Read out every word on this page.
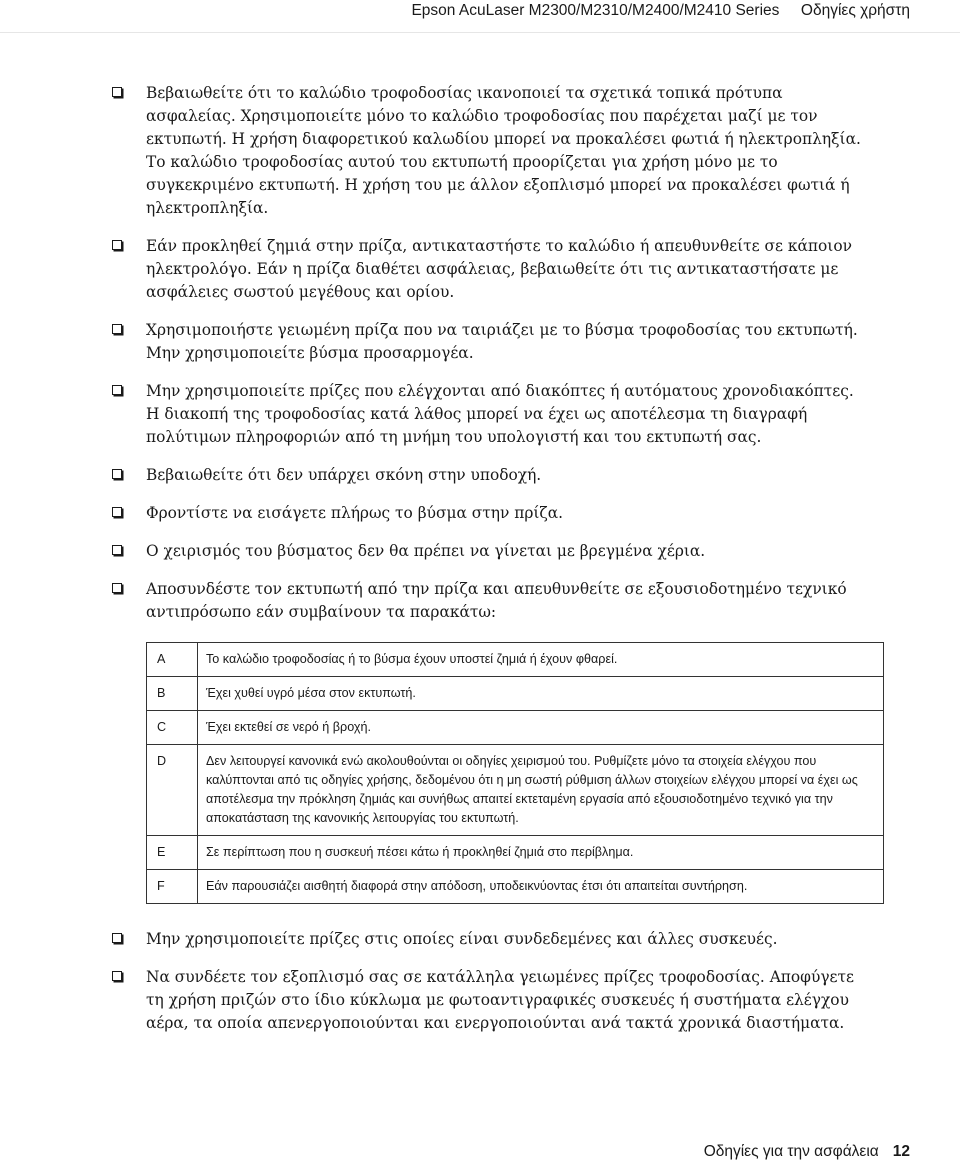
Epson AcuLaser M2300/M2310/M2400/M2410 Series     Οδηγίες χρήστη

Βεβαιωθείτε ότι το καλώδιο τροφοδοσίας ικανοποιεί τα σχετικά τοπικά πρότυπα ασφαλείας. Χρησιμοποιείτε μόνο το καλώδιο τροφοδοσίας που παρέχεται μαζί με τον εκτυπωτή. Η χρήση διαφορετικού καλωδίου μπορεί να προκαλέσει φωτιά ή ηλεκτροπληξία. Το καλώδιο τροφοδοσίας αυτού του εκτυπωτή προορίζεται για χρήση μόνο με το συγκεκριμένο εκτυπωτή. Η χρήση του με άλλον εξοπλισμό μπορεί να προκαλέσει φωτιά ή ηλεκτροπληξία.

Εάν προκληθεί ζημιά στην πρίζα, αντικαταστήστε το καλώδιο ή απευθυνθείτε σε κάποιον ηλεκτρολόγο. Εάν η πρίζα διαθέτει ασφάλειας, βεβαιωθείτε ότι τις αντικαταστήσατε με ασφάλειες σωστού μεγέθους και ορίου.

Χρησιμοποιήστε γειωμένη πρίζα που να ταιριάζει με το βύσμα τροφοδοσίας του εκτυπωτή. Μην χρησιμοποιείτε βύσμα προσαρμογέα.

Μην χρησιμοποιείτε πρίζες που ελέγχονται από διακόπτες ή αυτόματους χρονοδιακόπτες. Η διακοπή της τροφοδοσίας κατά λάθος μπορεί να έχει ως αποτέλεσμα τη διαγραφή πολύτιμων πληροφοριών από τη μνήμη του υπολογιστή και του εκτυπωτή σας.

Βεβαιωθείτε ότι δεν υπάρχει σκόνη στην υποδοχή.

Φροντίστε να εισάγετε πλήρως το βύσμα στην πρίζα.

Ο χειρισμός του βύσματος δεν θα πρέπει να γίνεται με βρεγμένα χέρια.

Αποσυνδέστε τον εκτυπωτή από την πρίζα και απευθυνθείτε σε εξουσιοδοτημένο τεχνικό αντιπρόσωπο εάν συμβαίνουν τα παρακάτω:

A	Το καλώδιο τροφοδοσίας ή το βύσμα έχουν υποστεί ζημιά ή έχουν φθαρεί.
B	Έχει χυθεί υγρό μέσα στον εκτυπωτή.
C	Έχει εκτεθεί σε νερό ή βροχή.
D	Δεν λειτουργεί κανονικά ενώ ακολουθούνται οι οδηγίες χειρισμού του. Ρυθμίζετε μόνο τα στοιχεία ελέγχου που καλύπτονται από τις οδηγίες χρήσης, δεδομένου ότι η μη σωστή ρύθμιση άλλων στοιχείων ελέγχου μπορεί να έχει ως αποτέλεσμα την πρόκληση ζημιάς και συνήθως απαιτεί εκτεταμένη εργασία από εξουσιοδοτημένο τεχνικό για την αποκατάσταση της κανονικής λειτουργίας του εκτυπωτή.
E	Σε περίπτωση που η συσκευή πέσει κάτω ή προκληθεί ζημιά στο περίβλημα.
F	Εάν παρουσιάζει αισθητή διαφορά στην απόδοση, υποδεικνύοντας έτσι ότι απαιτείται συντήρηση.

Μην χρησιμοποιείτε πρίζες στις οποίες είναι συνδεδεμένες και άλλες συσκευές.

Να συνδέετε τον εξοπλισμό σας σε κατάλληλα γειωμένες πρίζες τροφοδοσίας. Αποφύγετε τη χρήση πριζών στο ίδιο κύκλωμα με φωτοαντιγραφικές συσκευές ή συστήματα ελέγχου αέρα, τα οποία απενεργοποιούνται και ενεργοποιούνται ανά τακτά χρονικά διαστήματα.

Οδηγίες για την ασφάλεια 12
